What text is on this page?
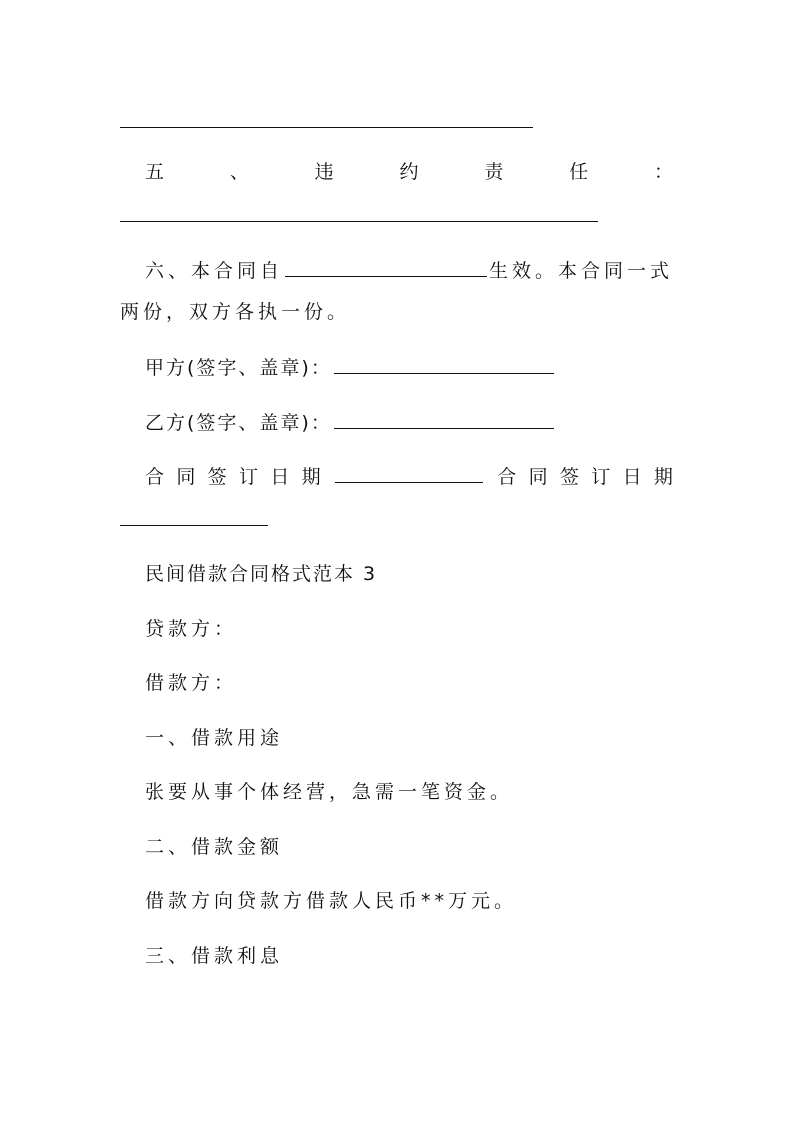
五	、	违	约	责	任	：
六、本合同自	生效。本合同一式
两份，双方各执一份。
甲方(签字、盖章)：
乙方(签字、盖章)：
合 同 签 订 日 期	合 同 签 订 日 期
民间借款合同格式范本 3
贷款方：
借款方：
一、借款用途
张要从事个体经营，急需一笔资金。
二、借款金额
借款方向贷款方借款人民币**万元。
三、借款利息
